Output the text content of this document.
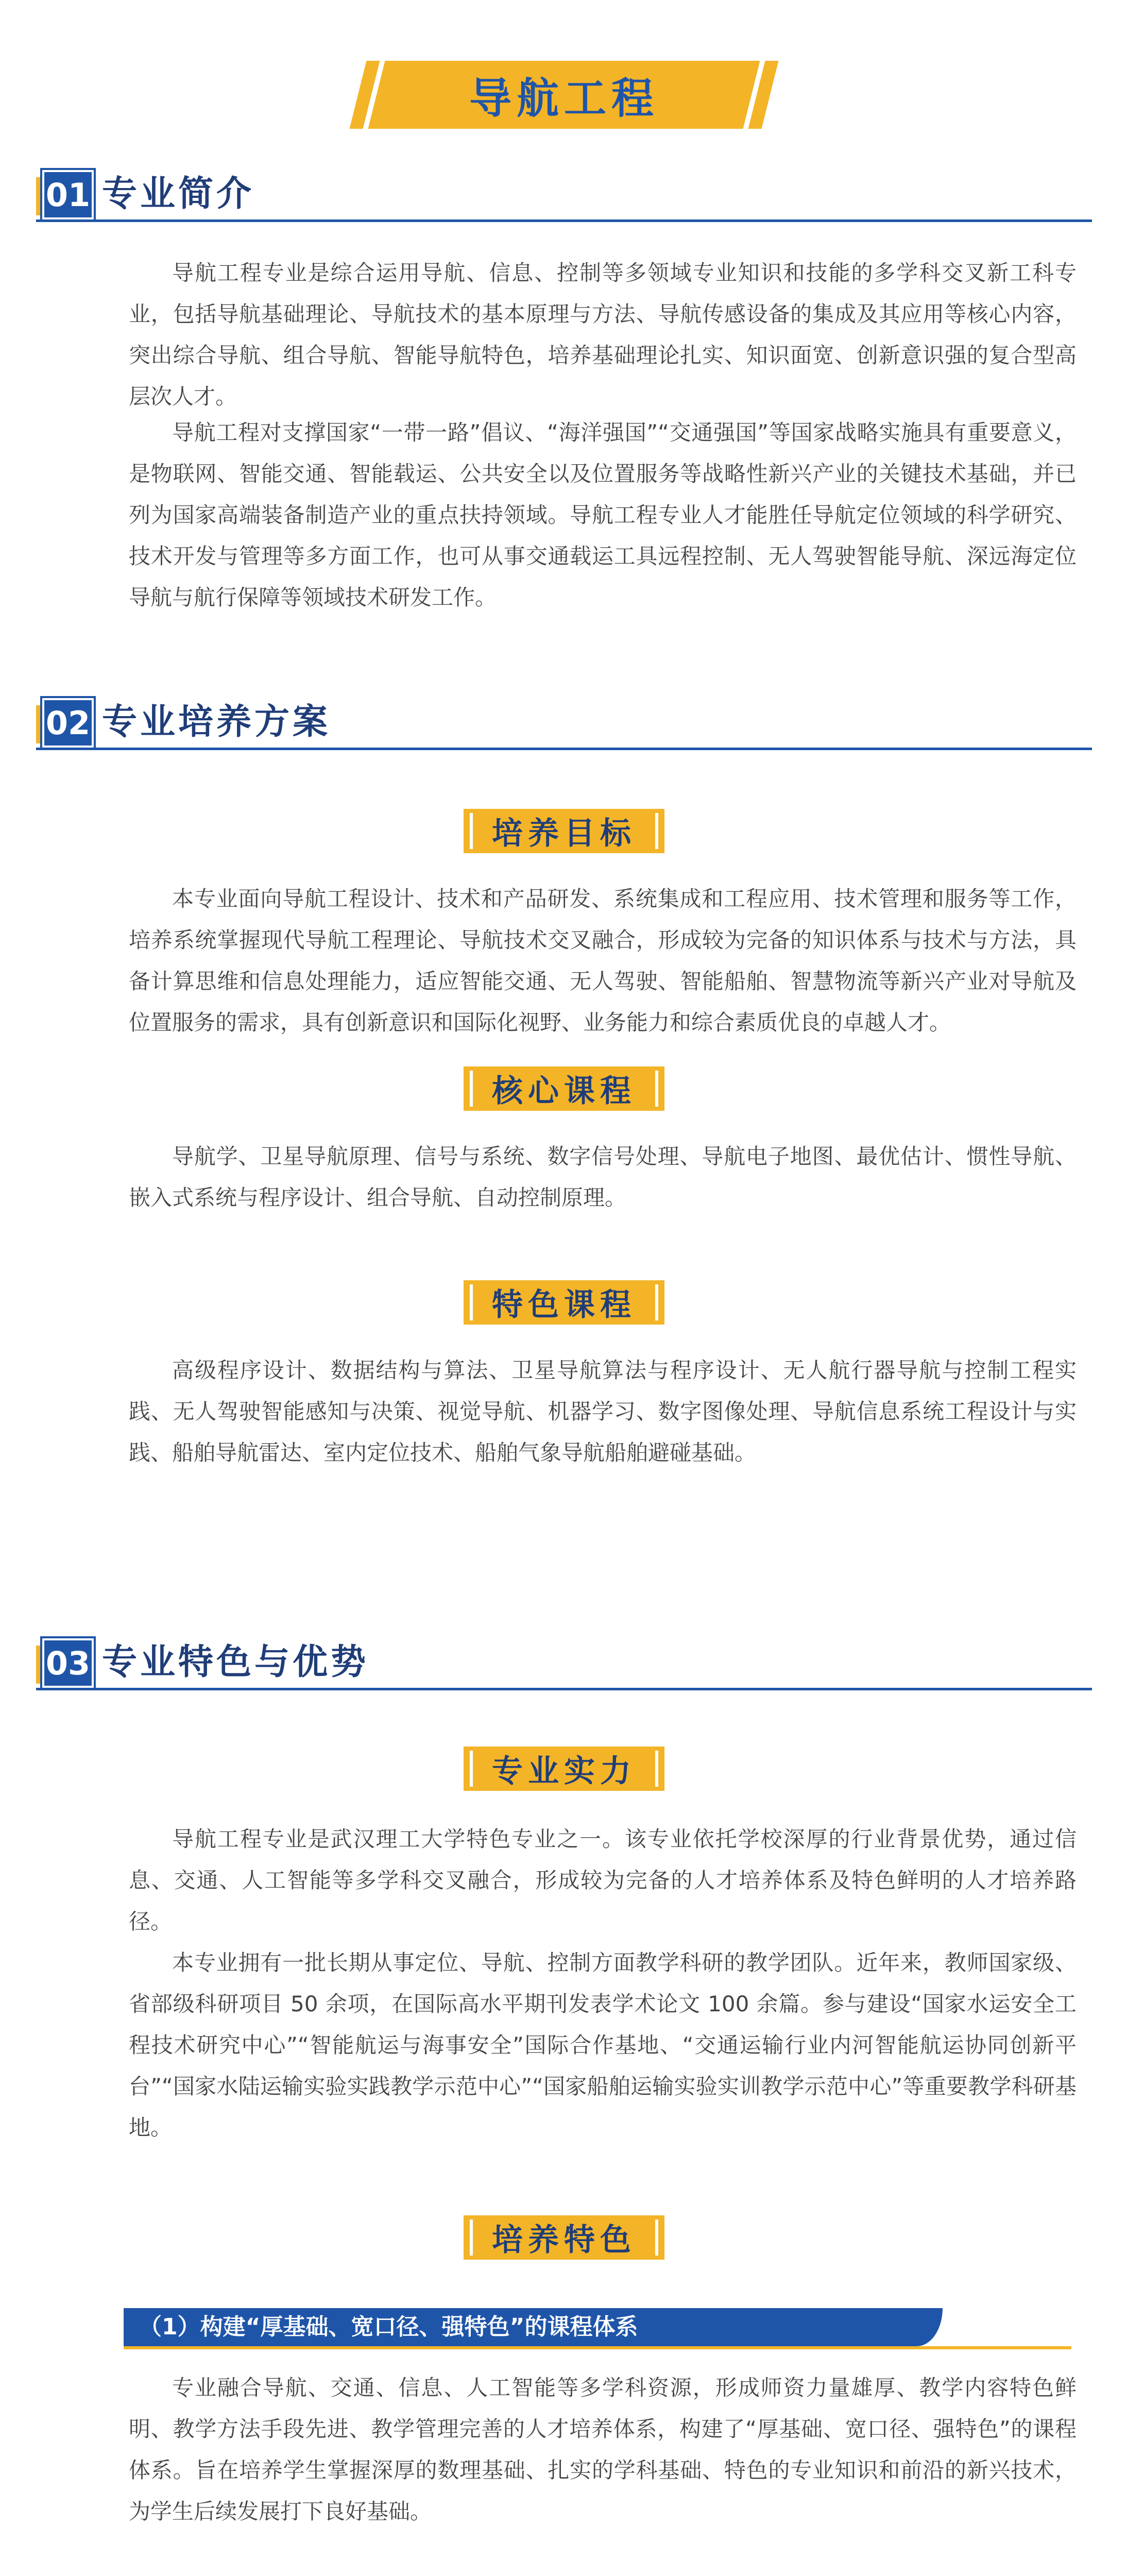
导航工程
01 专业简介

导航工程专业是综合运用导航、信息、控制等多领域专业知识和技能的多学科交叉新工科专业，包括导航基础理论、导航技术的基本原理与方法、导航传感设备的集成及其应用等核心内容，突出综合导航、组合导航、智能导航特色，培养基础理论扎实、知识面宽、创新意识强的复合型高层次人才。

导航工程对支撑国家“一带一路”倡议、“海洋强国”“交通强国”等国家战略实施具有重要意义，是物联网、智能交通、智能载运、公共安全以及位置服务等战略性新兴产业的关键技术基础，并已列为国家高端装备制造产业的重点扶持领域。导航工程专业人才能胜任导航定位领域的科学研究、技术开发与管理等多方面工作，也可从事交通载运工具远程控制、无人驾驶智能导航、深远海定位导航与航行保障等领域技术研发工作。

02 专业培养方案
培养目标

本专业面向导航工程设计、技术和产品研发、系统集成和工程应用、技术管理和服务等工作，培养系统掌握现代导航工程理论、导航技术交叉融合，形成较为完备的知识体系与技术与方法，具备计算思维和信息处理能力，适应智能交通、无人驾驶、智能船舶、智慧物流等新兴产业对导航及位置服务的需求，具有创新意识和国际化视野、业务能力和综合素质优良的卓越人才。

核心课程

导航学、卫星导航原理、信号与系统、数字信号处理、导航电子地图、最优估计、惯性导航、嵌入式系统与程序设计、组合导航、自动控制原理。

特色课程

高级程序设计、数据结构与算法、卫星导航算法与程序设计、无人航行器导航与控制工程实践、无人驾驶智能感知与决策、视觉导航、机器学习、数字图像处理、导航信息系统工程设计与实践、船舶导航雷达、室内定位技术、船舶气象导航船舶避碰基础。

03 专业特色与优势
专业实力

导航工程专业是武汉理工大学特色专业之一。该专业依托学校深厚的行业背景优势，通过信息、交通、人工智能等多学科交叉融合，形成较为完备的人才培养体系及特色鲜明的人才培养路径。

本专业拥有一批长期从事定位、导航、控制方面教学科研的教学团队。近年来，教师国家级、省部级科研项目 50 余项，在国际高水平期刊发表学术论文 100 余篇。参与建设“国家水运安全工程技术研究中心”“智能航运与海事安全”国际合作基地、“交通运输行业内河智能航运协同创新平台”“国家水陆运输实验实践教学示范中心”“国家船舶运输实验实训教学示范中心”等重要教学科研基地。

培养特色
（1）构建“厚基础、宽口径、强特色”的课程体系

专业融合导航、交通、信息、人工智能等多学科资源，形成师资力量雄厚、教学内容特色鲜明、教学方法手段先进、教学管理完善的人才培养体系，构建了“厚基础、宽口径、强特色”的课程体系。旨在培养学生掌握深厚的数理基础、扎实的学科基础、特色的专业知识和前沿的新兴技术，为学生后续发展打下良好基础。
